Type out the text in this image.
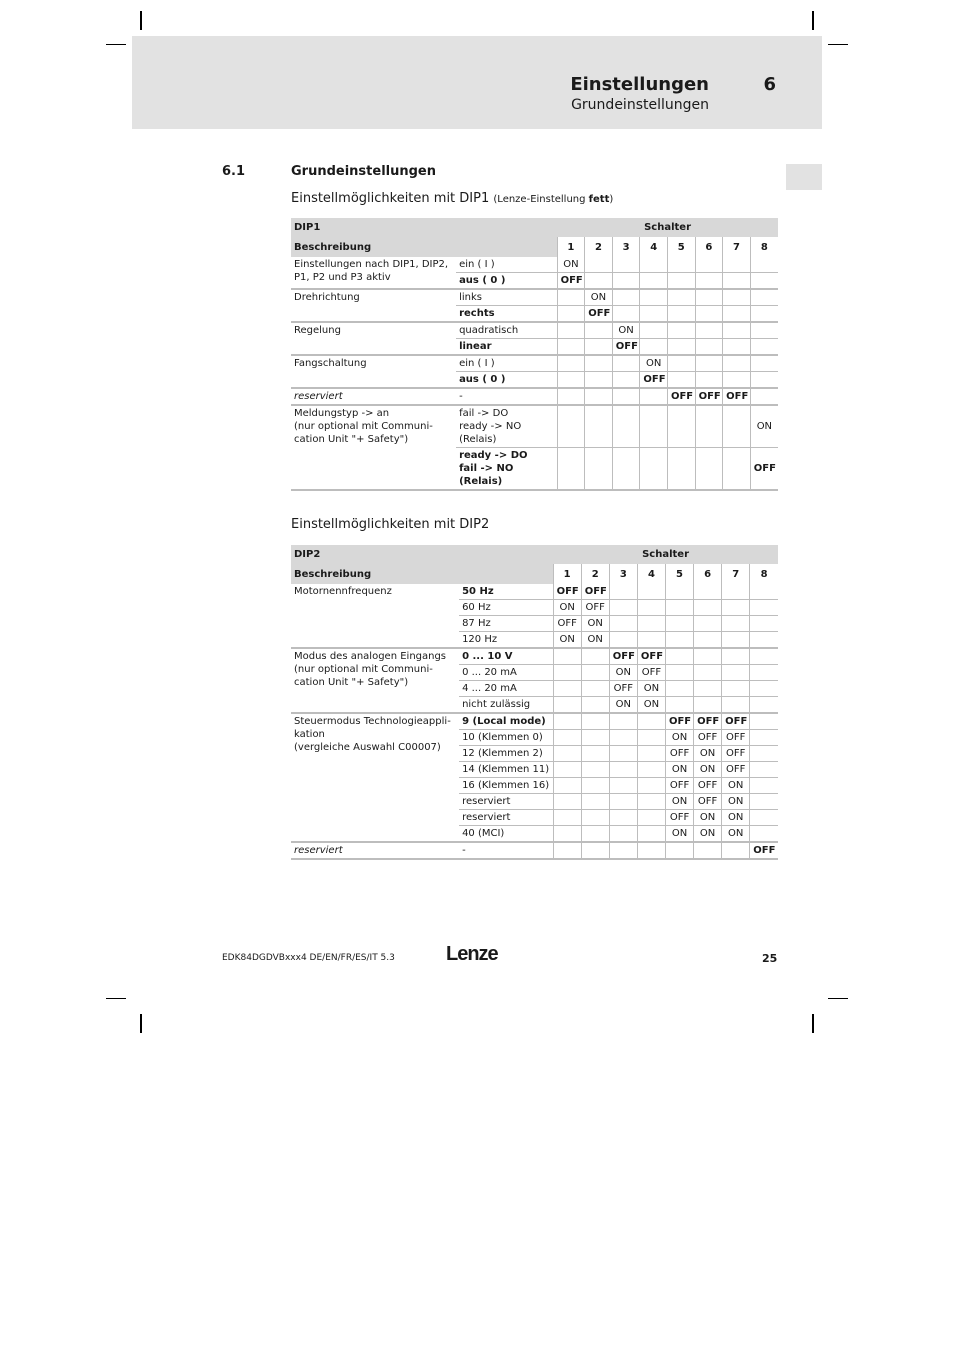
Einstellungen	6
Grundeinstellungen
6.1	Grundeinstellungen
Einstellmöglichkeiten mit DIP1 (Lenze-Einstellung fett)
DIP1		Schalter							
Beschreibung		1	2	3	4	5	6	7	8
Einstellungen nach DIP1, DIP2,
P1, P2 und P3 aktiv	ein ( I )	ON							
	aus ( 0 )	OFF							
Drehrichtung	links		ON						
	rechts		OFF						
Regelung	quadratisch			ON					
	linear			OFF					
Fangschaltung	ein ( I )				ON				
	aus ( 0 )				OFF				
reserviert	-					OFF	OFF	OFF	
Meldungstyp -> an
(nur optional mit Communi-
cation Unit "+ Safety")	fail -> DO
ready -> NO
(Relais)								ON
	ready -> DO
fail -> NO (Relais)								OFF
Einstellmöglichkeiten mit DIP2
DIP2		Schalter							
Beschreibung		1	2	3	4	5	6	7	8
Motornennfrequenz	50 Hz	OFF	OFF						
	60 Hz	ON	OFF						
	87 Hz	OFF	ON						
	120 Hz	ON	ON						
Modus des analogen Eingangs
(nur optional mit Communi-
cation Unit "+ Safety")	0 ... 10 V			OFF	OFF				
	0 ... 20 mA			ON	OFF				
	4 ... 20 mA			OFF	ON				
	nicht zulässig			ON	ON				
Steuermodus Technologieappli-
kation
(vergleiche Auswahl C00007)	9 (Local mode)					OFF	OFF	OFF	
	10 (Klemmen 0)					ON	OFF	OFF	
	12 (Klemmen 2)					OFF	ON	OFF	
	14 (Klemmen 11)					ON	ON	OFF	
	16 (Klemmen 16)					OFF	OFF	ON	
	reserviert					ON	OFF	ON	
	reserviert					OFF	ON	ON	
	40 (MCI)					ON	ON	ON	
reserviert	-								OFF
EDK84DGDVBxxx4 DE/EN/FR/ES/IT 5.3	Lenze	25
